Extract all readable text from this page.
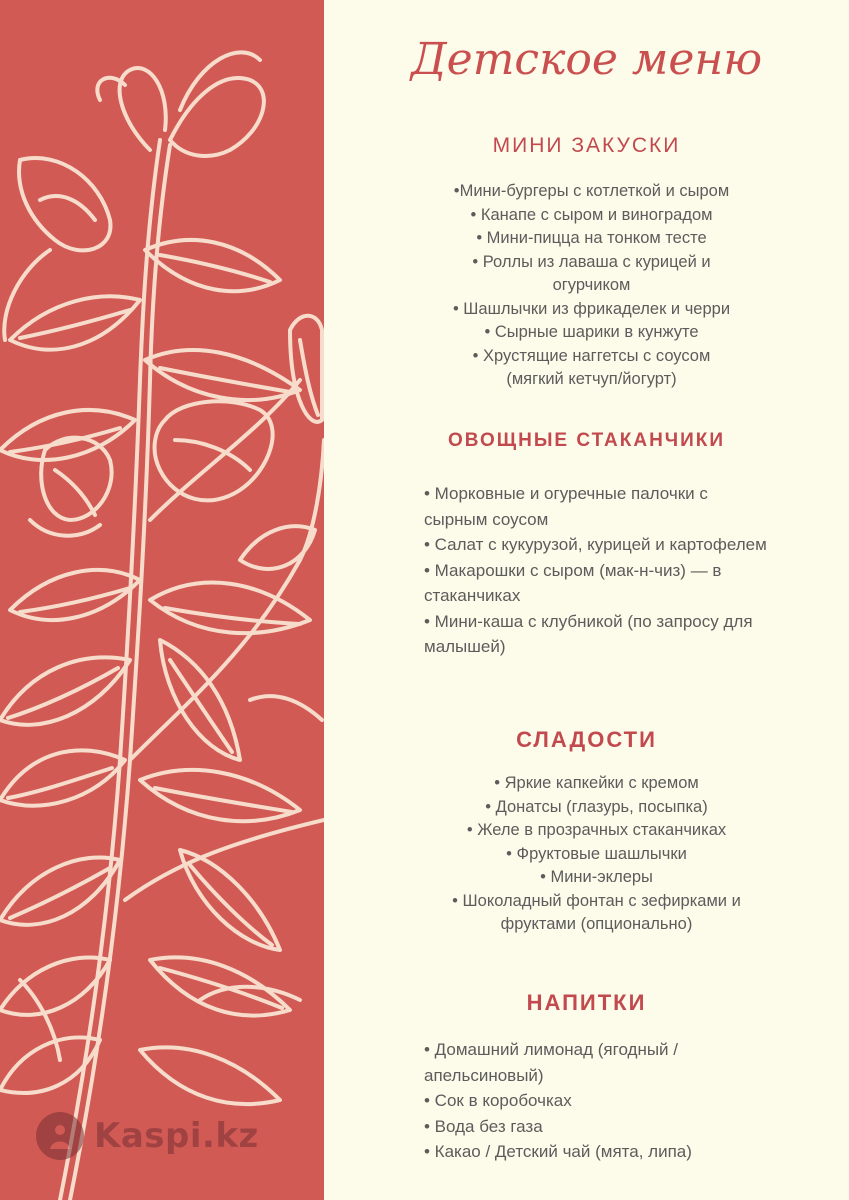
Kaspi.kz
Детское меню
МИНИ ЗАКУСКИ
•Мини-бургеры с котлеткой и сыром
• Канапе с сыром и виноградом
• Мини-пицца на тонком тесте
• Роллы из лаваша с курицей и огурчиком
• Шашлычки из фрикаделек и черри
• Сырные шарики в кунжуте
• Хрустящие наггетсы с соусом (мягкий кетчуп/йогурт)
ОВОЩНЫЕ СТАКАНЧИКИ
• Морковные и огуречные палочки с сырным соусом
• Салат с кукурузой, курицей и картофелем
• Макарошки с сыром (мак-н-чиз) — в стаканчиках
• Мини-каша с клубникой (по запросу для малышей)
СЛАДОСТИ
• Яркие капкейки с кремом
• Донатсы (глазурь, посыпка)
• Желе в прозрачных стаканчиках
• Фруктовые шашлычки
• Мини-эклеры
• Шоколадный фонтан с зефирками и фруктами (опционально)
НАПИТКИ
• Домашний лимонад (ягодный / апельсиновый)
• Сок в коробочках
• Вода без газа
• Какао / Детский чай (мята, липа)
